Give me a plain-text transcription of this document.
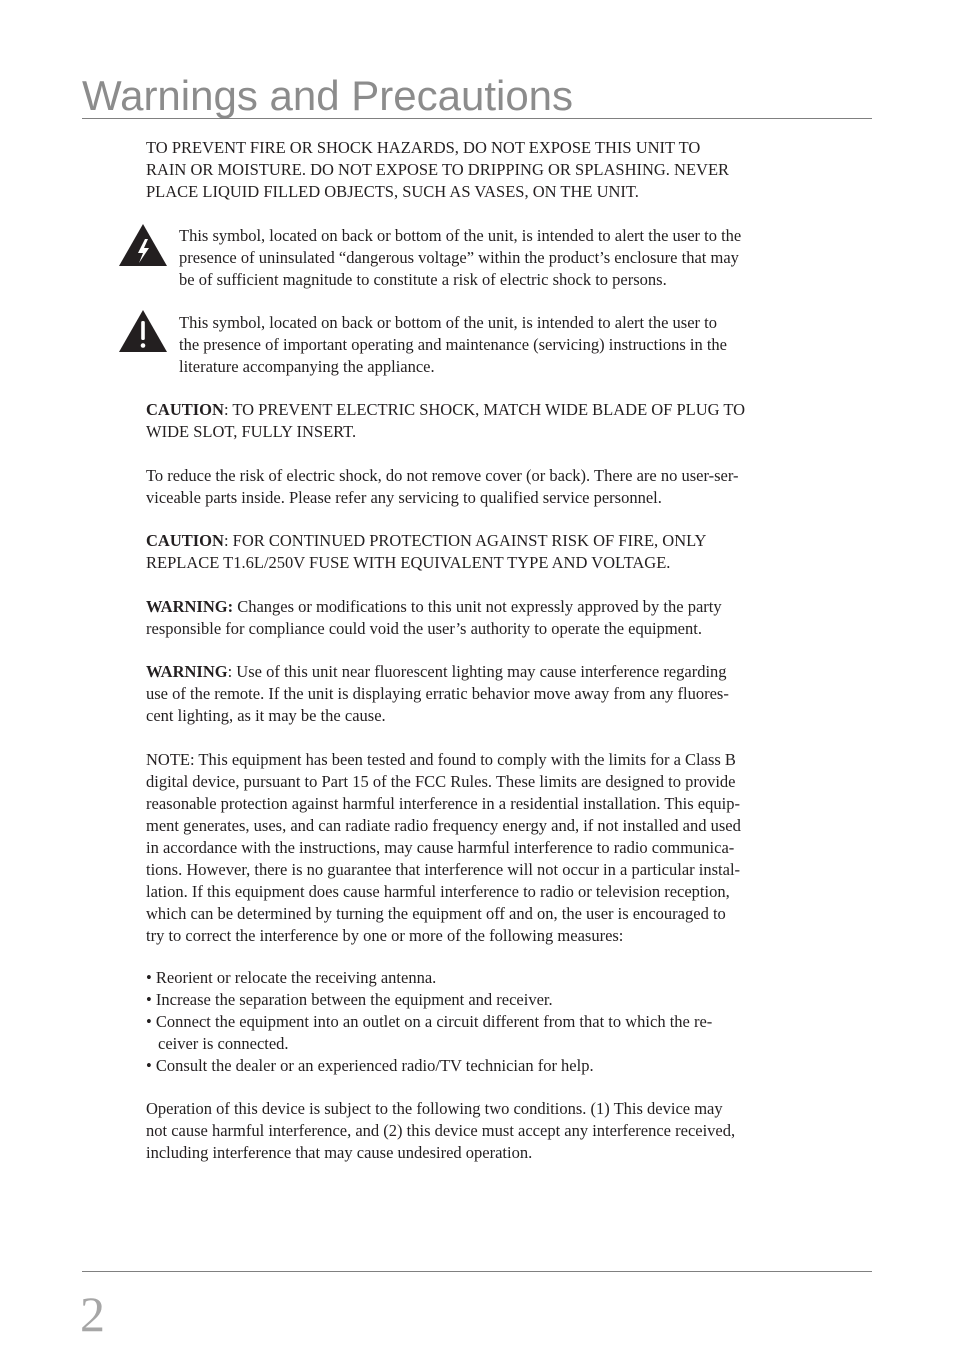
Warnings and Precautions
TO PREVENT FIRE OR SHOCK HAZARDS, DO NOT EXPOSE THIS UNIT TO
RAIN OR MOISTURE. DO NOT EXPOSE TO DRIPPING OR SPLASHING. NEVER
PLACE LIQUID FILLED OBJECTS, SUCH AS VASES, ON THE UNIT.
This symbol, located on back or bottom of the unit, is intended to alert the user to the
presence of uninsulated “dangerous voltage” within the product’s enclosure that may
be of sufficient magnitude to constitute a risk of electric shock to persons.
This symbol, located on back or bottom of the unit, is intended to alert the user to
the presence of important operating and maintenance (servicing) instructions in the
literature accompanying the appliance.
CAUTION: TO PREVENT ELECTRIC SHOCK, MATCH WIDE BLADE OF PLUG TO
WIDE SLOT, FULLY INSERT.
To reduce the risk of electric shock, do not remove cover (or back). There are no user-ser-
viceable parts inside. Please refer any servicing to qualified service personnel.
CAUTION: FOR CONTINUED PROTECTION AGAINST RISK OF FIRE, ONLY
REPLACE T1.6L/250V FUSE WITH EQUIVALENT TYPE AND VOLTAGE.
WARNING: Changes or modifications to this unit not expressly approved by the party
responsible for compliance could void the user’s authority to operate the equipment.
WARNING: Use of this unit near fluorescent lighting may cause interference regarding
use of the remote. If the unit is displaying erratic behavior move away from any fluores-
cent lighting, as it may be the cause.
NOTE: This equipment has been tested and found to comply with the limits for a Class B
digital device, pursuant to Part 15 of the FCC Rules. These limits are designed to provide
reasonable protection against harmful interference in a residential installation. This equip-
ment generates, uses, and can radiate radio frequency energy and, if not installed and used
in accordance with the instructions, may cause harmful interference to radio communica-
tions. However, there is no guarantee that interference will not occur in a particular instal-
lation. If this equipment does cause harmful interference to radio or television reception,
which can be determined by turning the equipment off and on, the user is encouraged to
try to correct the interference by one or more of the following measures:
• Reorient or relocate the receiving antenna.
• Increase the separation between the equipment and receiver.
• Connect the equipment into an outlet on a circuit different from that to which the re-
ceiver is connected.
• Consult the dealer or an experienced radio/TV technician for help.
Operation of this device is subject to the following two conditions. (1) This device may
not cause harmful interference, and (2) this device must accept any interference received,
including interference that may cause undesired operation.
2
